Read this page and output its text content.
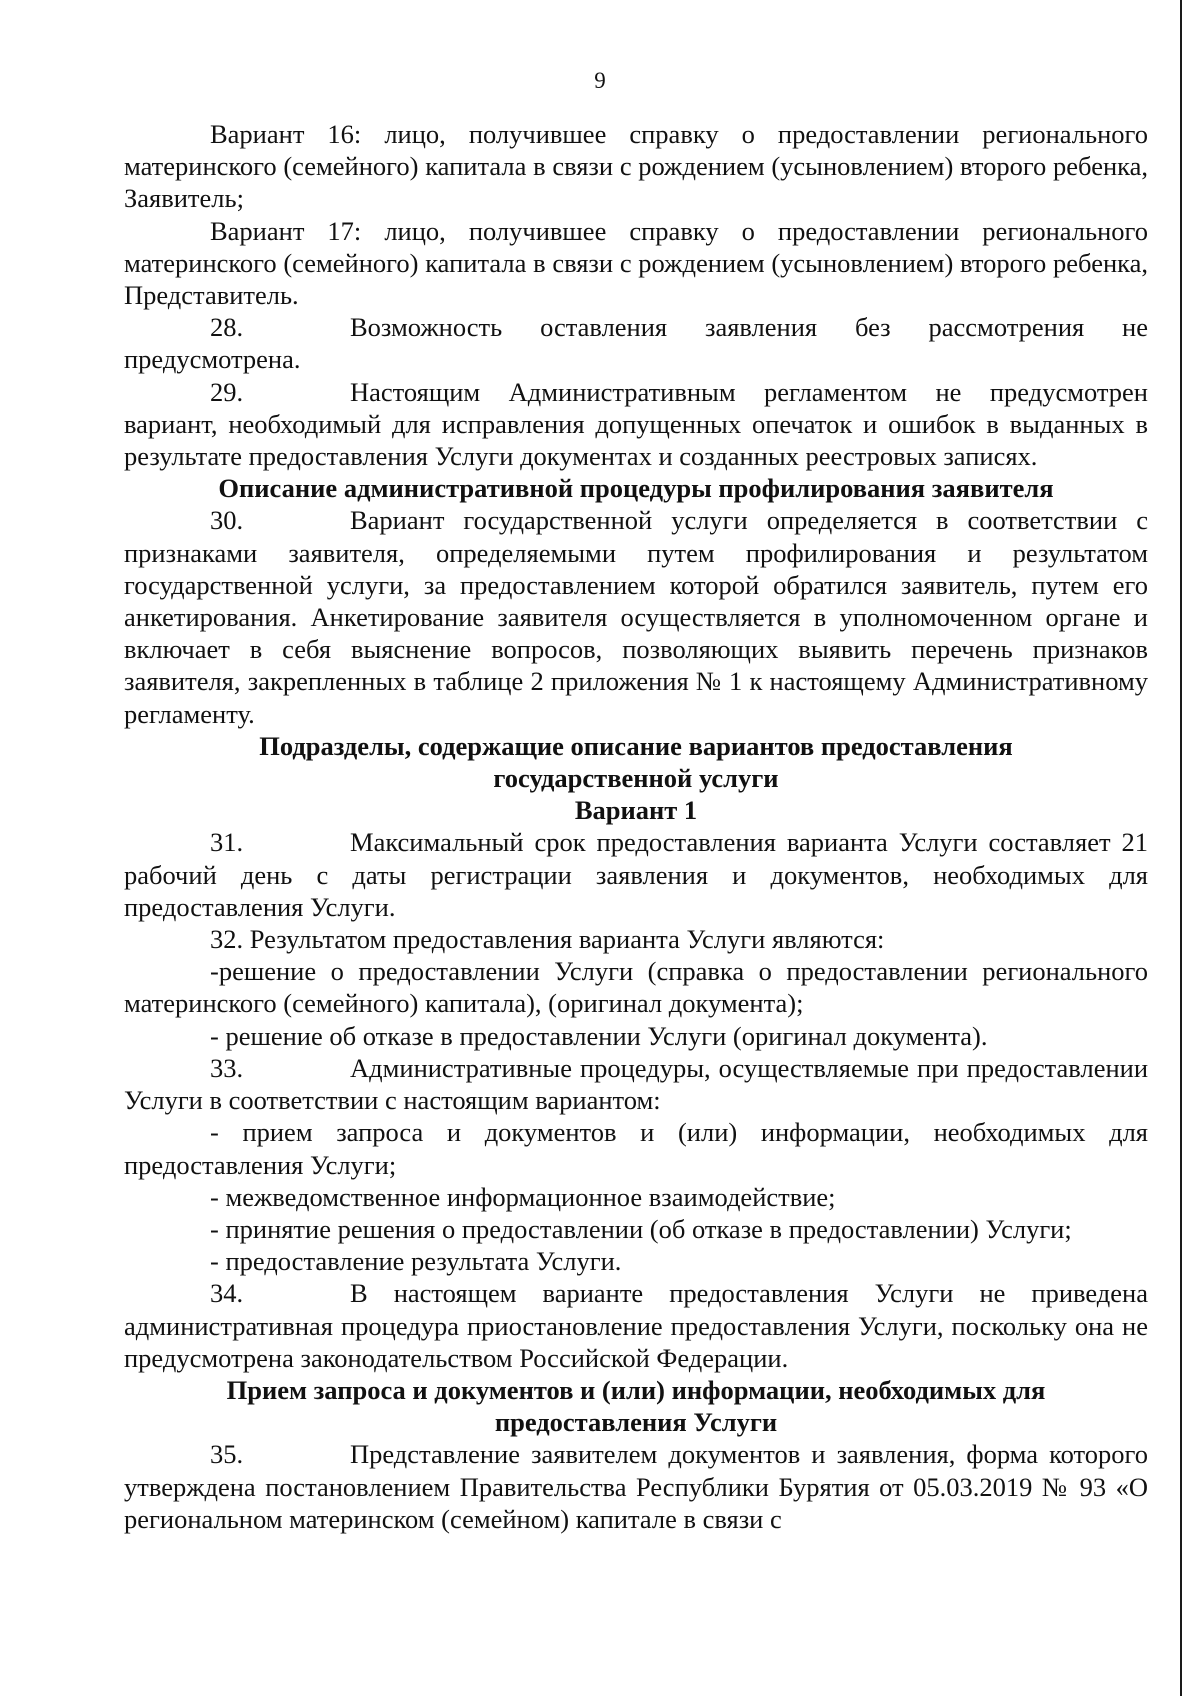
9

Вариант 16: лицо, получившее справку о предоставлении регионального материнского (семейного) капитала в связи с рождением (усыновлением) второго ребенка, Заявитель;

Вариант 17: лицо, получившее справку о предоставлении регионального материнского (семейного) капитала в связи с рождением (усыновлением) второго ребенка, Представитель.

28.	Возможность оставления заявления без рассмотрения не предусмотрена.

29.	Настоящим Административным регламентом не предусмотрен вариант, необходимый для исправления допущенных опечаток и ошибок в выданных в результате предоставления Услуги документах и созданных реестровых записях.

Описание административной процедуры профилирования заявителя

30.	Вариант государственной услуги определяется в соответствии с признаками заявителя, определяемыми путем профилирования и результатом государственной услуги, за предоставлением которой обратился заявитель, путем его анкетирования. Анкетирование заявителя осуществляется в уполномоченном органе и включает в себя выяснение вопросов, позволяющих выявить перечень признаков заявителя, закрепленных в таблице 2 приложения № 1 к настоящему Административному регламенту.

Подразделы, содержащие описание вариантов предоставления

государственной услуги

Вариант 1

31.	Максимальный срок предоставления варианта Услуги составляет 21 рабочий день с даты регистрации заявления и документов, необходимых для предоставления Услуги.

32. Результатом предоставления варианта Услуги являются:

-решение о предоставлении Услуги (справка о предоставлении регионального материнского (семейного) капитала), (оригинал документа);

- решение об отказе в предоставлении Услуги (оригинал документа).

33.	Административные процедуры, осуществляемые при предоставлении Услуги в соответствии с настоящим вариантом:

- прием запроса и документов и (или) информации, необходимых для предоставления Услуги;

- межведомственное информационное взаимодействие;

- принятие решения о предоставлении (об отказе в предоставлении) Услуги;

- предоставление результата Услуги.

34.	В настоящем варианте предоставления Услуги не приведена административная процедура приостановление предоставления Услуги, поскольку она не предусмотрена законодательством Российской Федерации.

Прием запроса и документов и (или) информации, необходимых для

предоставления Услуги

35.	Представление заявителем документов и заявления, форма которого утверждена постановлением Правительства Республики Бурятия от 05.03.2019 № 93 «О региональном материнском (семейном) капитале в связи с
